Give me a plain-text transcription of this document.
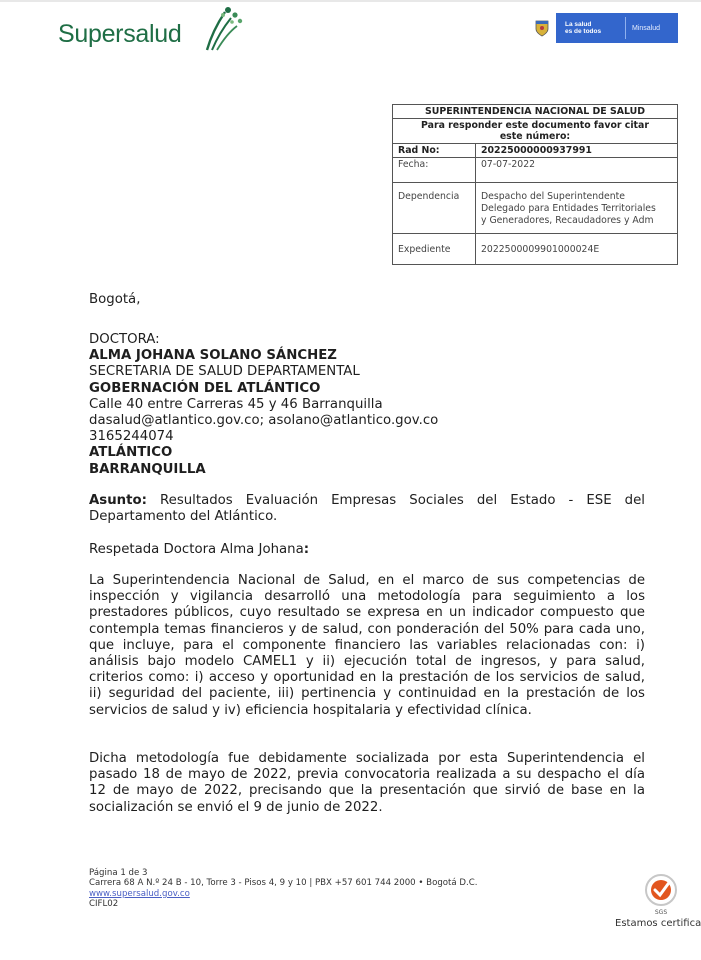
Supersalud	La salud
es de todos	Minsalud
SUPERINTENDENCIA NACIONAL DE SALUD
Para responder este documento favor citar
este número:	

Rad No:	20225000000937991
Fecha:	07-07-2022
Dependencia	Despacho del Superintendente
Delegado para Entidades Territoriales
y Generadores, Recaudadores y Adm

Expediente	202250000990100002​4E
Bogotá,
DOCTORA:
ALMA JOHANA SOLANO SÁNCHEZ
SECRETARIA DE SALUD DEPARTAMENTAL
GOBERNACIÓN DEL ATLÁNTICO
Calle 40 entre Carreras 45 y 46 Barranquilla
dasalud@atlantico.gov.co; asolano@atlantico.gov.co
3165244074
ATLÁNTICO
BARRANQUILLA
Asunto: Resultados Evaluación Empresas Sociales del Estado - ESE del Departamento del Atlántico.
Respetada Doctora Alma Johana:
La Superintendencia Nacional de Salud, en el marco de sus competencias de inspección y vigilancia desarrolló una metodología para seguimiento a los prestadores públicos, cuyo resultado se expresa en un indicador compuesto que contempla temas financieros y de salud, con ponderación del 50% para cada uno, que incluye, para el componente financiero las variables relacionadas con: i) análisis bajo modelo CAMEL1 y ii) ejecución total de ingresos, y para salud, criterios como: i) acceso y oportunidad en la prestación de los servicios de salud, ii) seguridad del paciente, iii) pertinencia y continuidad en la prestación de los servicios de salud y iv) eficiencia hospitalaria y efectividad clínica.
Dicha metodología fue debidamente socializada por esta Superintendencia el pasado 18 de mayo de 2022, previa convocatoria realizada a su despacho el día 12 de mayo de 2022, precisando que la presentación que sirvió de base en la socialización se envió el 9 de junio de 2022.
Página 1 de 3
Carrera 68 A N.º 24 B - 10, Torre 3 - Pisos 4, 9 y 10 | PBX +57 601 744 2000 • Bogotá D.C.
www.supersalud.gov.co
CIFL02
SGS
Estamos certifica
